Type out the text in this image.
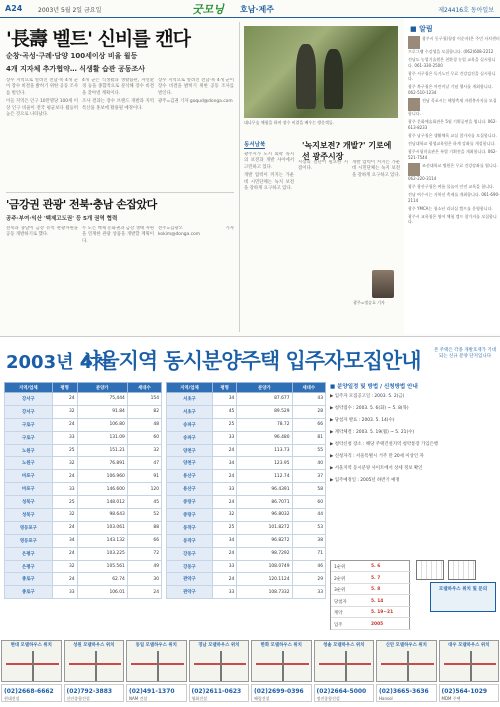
A24	2003년 5월 2일 금요일	굿모닝 호남·제주	제24416호 동아일보
'長壽 벨트' 신비를 캔다
순창·곡성·구례·담양 100세이상 비율 월등
4개 지자체 추가협약… 식생활 습관 공동조사

장수 지역으로 알려진 전남·북 4개 군이 장수 비결을 밝히기 위한 공동 조사를 벌인다.

이들 지역은 인구 10만명당 100세 이상 인구 비율이 전국 평균보다 월등히 높은 것으로 나타났다.

4개 군은 식생활과 생활습관, 자연환경 등을 종합적으로 분석해 장수 비결을 찾아낼 계획이다.

조사 결과는 장수 브랜드 개발과 지역 특산품 홍보에 활용될 예정이다.

장수 지역으로 알려진 전남·북 4개 군이 장수 비결을 밝히기 위한 공동 조사를 벌인다.

광주=김권 기자 goqud@donga.com

대나무숲 체험을 하며 장수 비결을 배우는 방문객들.
'금강권 관광' 전북·충남 손잡았다
공주·부여·익산 '백제고도권' 등 5개 권역 협력

전북과 충남이 금강 유역 관광자원을 공동 개발하기로 했다.

두 도는 백제 문화권과 금강 생태 자원을 연계한 관광 상품을 개발할 계획이다.

전주=김광오 기자 kokim@donga.com

동서남북	'녹지보전? 개발?' 기로에 선 광주시장

광주시가 도시 외곽 녹지의 보전과 개발 사이에서 고민하고 있다.

개발 압력이 커지는 가운데 시민단체는 녹지 보전을 강하게 요구하고 있다.

시장의 결단이 필요한 시점이다.

개발 압력이 커지는 가운데 시민단체는 녹지 보전을 강하게 요구하고 있다.

광주=정승호 기자
■ 알림
광주시 동구청(청장 이순자)은 주민 자치센터 프로그램 수강생을 모집합니다. (062)608-2212
전남도 농업기술원은 친환경 농업 교육을 실시합니다. 061-330-2500
광주 서구청은 독거노인 무료 건강검진을 실시합니다.
광주 북구청은 어린이날 기념 행사를 개최합니다. 062-510-1234
전남 목포시는 해양축제 자원봉사자를 모집합니다.
광주 문화예술회관은 5월 기획공연을 엽니다. 062-613-8233
광주 남구청은 생활체육 교실 참가자를 모집합니다.
전남대학교 평생교육원은 하계 강좌를 개설합니다.
광주시립미술관은 특별 기획전을 개최합니다. 062-521-7544
조선대학교 병원은 무료 건강강좌를 엽니다. 062-220-3114
광주 광산구청은 여름 물놀이 안전 교육을 합니다.
전남 여수시는 거북선 축제를 개최합니다. 061-690-2114
광주 YMCA는 청소년 리더십 캠프를 운영합니다.
광주시 교육청은 영어 체험 캠프 참가자를 모집합니다.
2003년 4차
서울지역 동시분양주택 입주자모집안내	본 주택은 각종 개발호재가 기대되는 신규 분양 단지입니다
지역/업체	평형	분양가	세대수
강서구	24	75,444	154
강서구	32	91.84	82
구로구	24	106.80	48
구로구	33	131.09	60
노원구	25	151.21	32
노원구	32	76.891	47
마포구	24	106.960	91
마포구	33	146.600	120
성북구	25	148.012	45
성북구	32	98.643	52
영등포구	24	103.061	88
영등포구	34	143.132	66
은평구	24	103.225	72
은평구	32	105.561	49
종로구	24	62.74	30
종로구	33	106.01	24
지역/업체	평형	분양가	세대수
서초구	34	87.677	43
서초구	45	89.529	28
송파구	25	78.72	66
송파구	33	96.480	81
양천구	24	113.73	55
양천구	34	123.95	40
용산구	24	112.74	37
용산구	33	96.4391	58
중랑구	24	86.7071	60
중랑구	32	96.8032	44
동작구	25	101.8272	53
동작구	34	96.8272	38
강동구	24	98.7292	71
강동구	33	108.0749	46
관악구	24	120.1124	29
관악구	33	108.7332	33
■ 분양일정 및 방법 / 신청방법 안내
▶ 입주자 모집공고일 : 2003. 5. 2(금)
▶ 청약접수 : 2003. 5. 6(화) ~ 5. 8(목)
▶ 당첨자 발표 : 2003. 5. 14(수)
▶ 계약체결 : 2003. 5. 19(월) ~ 5. 21(수)
▶ 청약신청 장소 : 해당 주택건설지역 청약통장 가입은행
▶ 신청자격 : 서울특별시 거주 만 20세 이상인 자
▶ 서울지역 동시분양 사이트에서 상세 정보 확인
▶ 입주예정일 : 2005년 하반기 예정
1순위	5. 6
2순위	5. 7
3순위	5. 8
당첨자	5. 14
계약	5. 19~21
입주	2005
모델하우스 위치 및 문의
현대 모델하우스 위치	성원 모델하우스 위치	동일 모델하우스 위치	경남 모델하우스 위치	한화 모델하우스 위치	청솔 모델하우스 위치	신안 모델하우스 위치	대우 모델하우스 위치
(02)2668-6662
현대건설
(02)792-3883
신안종합건설
(02)491-1370
NAM 건설
(02)2611-0623
영화건설
(02)2699-0396
혜림건설
(02)2664-5000
정진종합건설
(02)3665-3636
Hansol
(02)564-1029
MDM 주택
